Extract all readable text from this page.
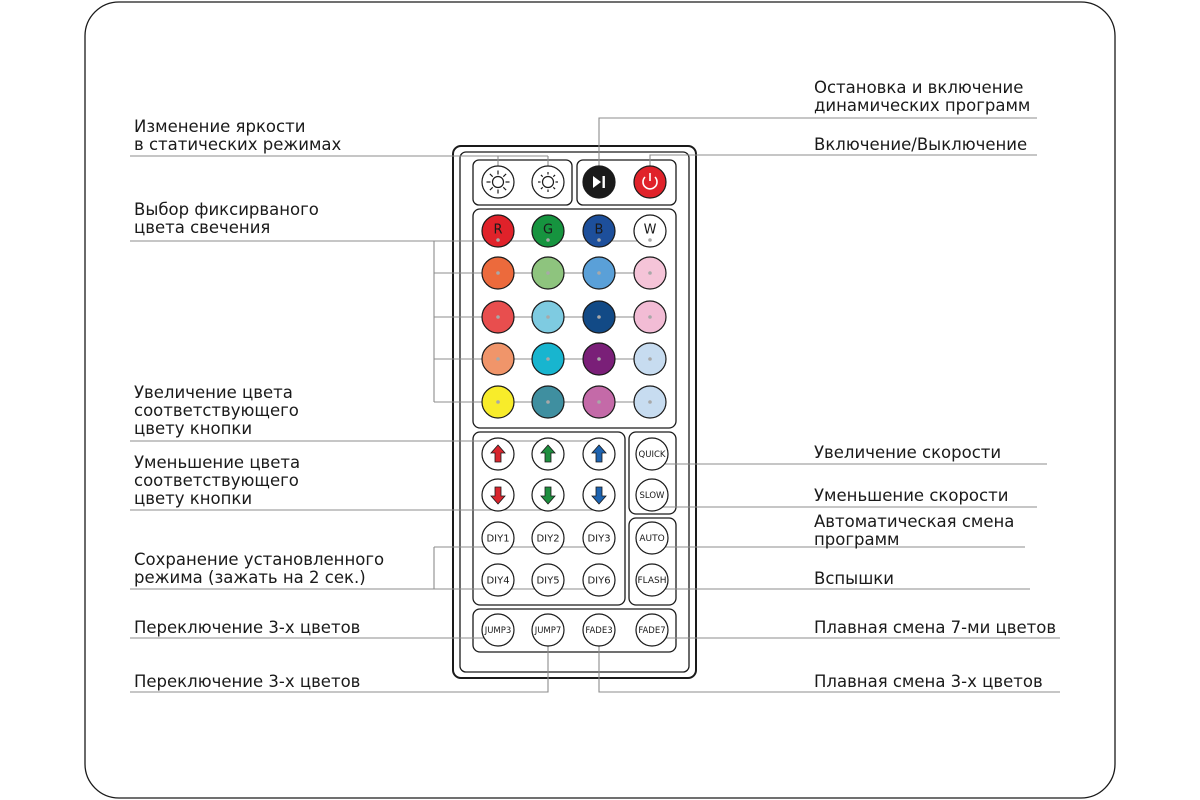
R	G	B	W
DIY1	DIY2	DIY3
DIY4	DIY5	DIY6
QUICK
SLOW
AUTO
FLASH
JUMP3	JUMP7	FADE3	FADE7
Изменение яркости в статических режимах
Остановка и включение динамических программ
Включение/Выключение
Выбор фиксирваного цвета свечения
Увеличение цвета соответствующего цвету кнопки
Уменьшение цвета соответствующего цвету кнопки
Сохранение установленного режима (зажать на 2 сек.)
Переключение 3-х цветов
Переключение 3-х цветов
Увеличение скорости
Уменьшение скорости
Автоматическая смена программ
Вспышки
Плавная смена 7-ми цветов
Плавная смена 3-х цветов
